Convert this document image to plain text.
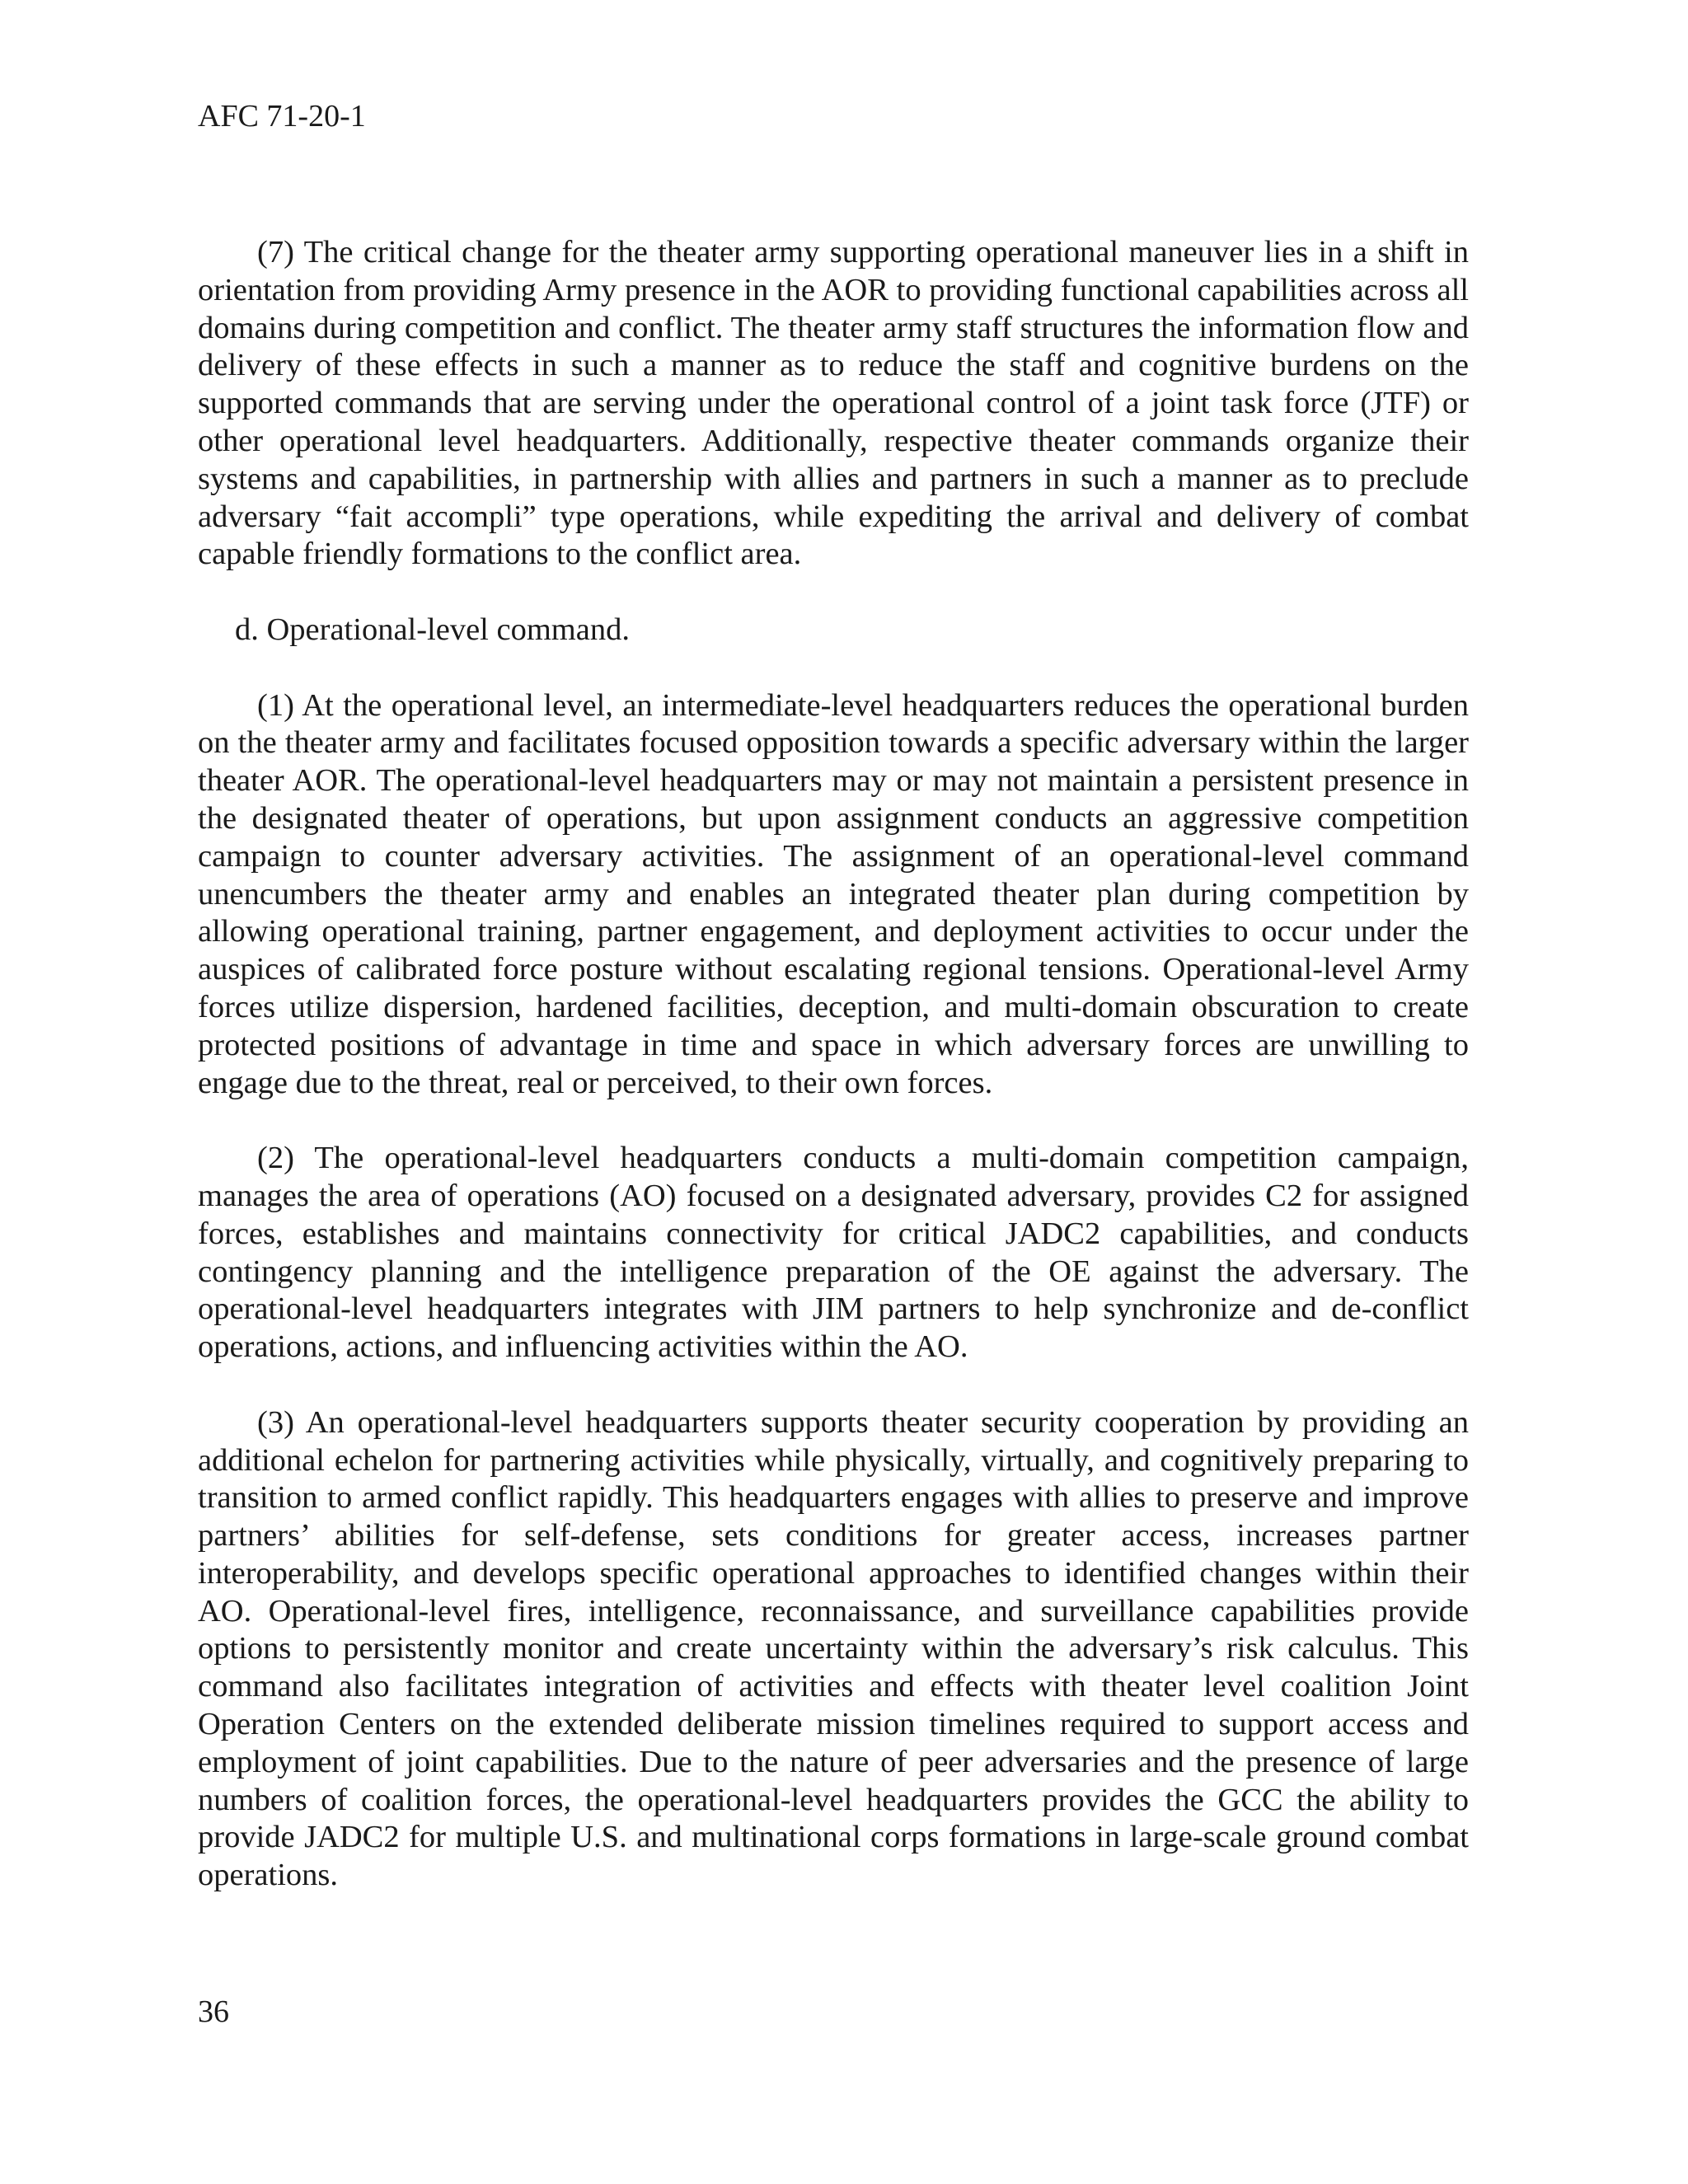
AFC 71-20-1

(7) The critical change for the theater army supporting operational maneuver lies in a shift in orientation from providing Army presence in the AOR to providing functional capabilities across all domains during competition and conflict. The theater army staff structures the information flow and delivery of these effects in such a manner as to reduce the staff and cognitive burdens on the supported commands that are serving under the operational control of a joint task force (JTF) or other operational level headquarters. Additionally, respective theater commands organize their systems and capabilities, in partnership with allies and partners in such a manner as to preclude adversary “fait accompli” type operations, while expediting the arrival and delivery of combat capable friendly formations to the conflict area.

d. Operational-level command.

(1) At the operational level, an intermediate-level headquarters reduces the operational burden on the theater army and facilitates focused opposition towards a specific adversary within the larger theater AOR. The operational-level headquarters may or may not maintain a persistent presence in the designated theater of operations, but upon assignment conducts an aggressive competition campaign to counter adversary activities. The assignment of an operational-level command unencumbers the theater army and enables an integrated theater plan during competition by allowing operational training, partner engagement, and deployment activities to occur under the auspices of calibrated force posture without escalating regional tensions. Operational-level Army forces utilize dispersion, hardened facilities, deception, and multi-domain obscuration to create protected positions of advantage in time and space in which adversary forces are unwilling to engage due to the threat, real or perceived, to their own forces.

(2) The operational-level headquarters conducts a multi-domain competition campaign, manages the area of operations (AO) focused on a designated adversary, provides C2 for assigned forces, establishes and maintains connectivity for critical JADC2 capabilities, and conducts contingency planning and the intelligence preparation of the OE against the adversary. The operational-level headquarters integrates with JIM partners to help synchronize and de-conflict operations, actions, and influencing activities within the AO.

(3) An operational-level headquarters supports theater security cooperation by providing an additional echelon for partnering activities while physically, virtually, and cognitively preparing to transition to armed conflict rapidly. This headquarters engages with allies to preserve and improve partners’ abilities for self-defense, sets conditions for greater access, increases partner interoperability, and develops specific operational approaches to identified changes within their AO. Operational-level fires, intelligence, reconnaissance, and surveillance capabilities provide options to persistently monitor and create uncertainty within the adversary’s risk calculus. This command also facilitates integration of activities and effects with theater level coalition Joint Operation Centers on the extended deliberate mission timelines required to support access and employment of joint capabilities. Due to the nature of peer adversaries and the presence of large numbers of coalition forces, the operational-level headquarters provides the GCC the ability to provide JADC2 for multiple U.S. and multinational corps formations in large-scale ground combat operations.

36
